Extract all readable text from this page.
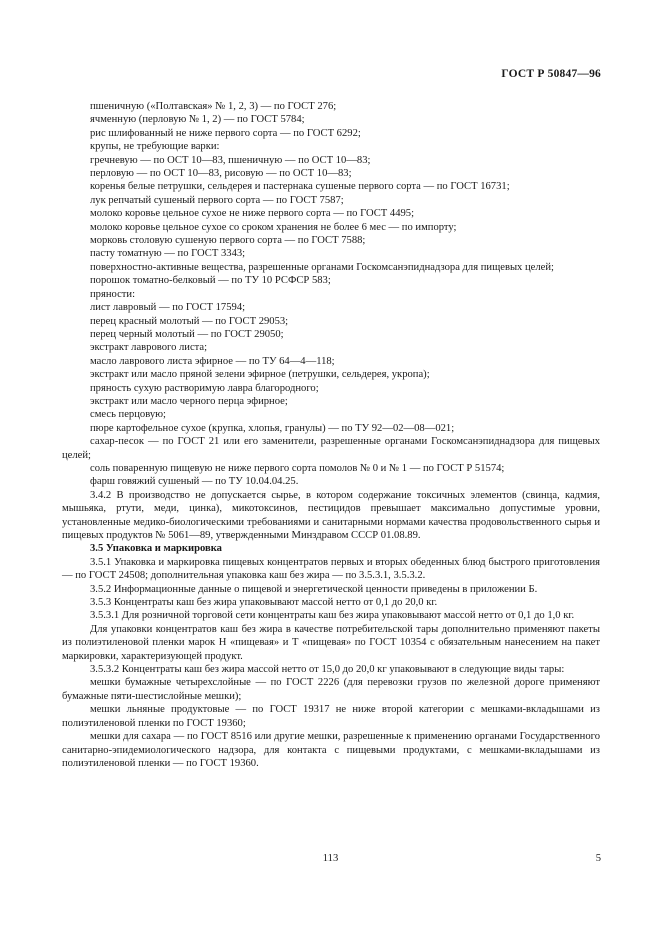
ГОСТ Р 50847—96

пшеничную («Полтавская» № 1, 2, 3) — по ГОСТ 276;

ячменную (перловую № 1, 2) — по ГОСТ 5784;

рис шлифованный не ниже первого сорта — по ГОСТ 6292;

крупы, не требующие варки:

гречневую — по ОСТ 10—83, пшеничную — по ОСТ 10—83;

перловую — по ОСТ 10—83, рисовую — по ОСТ 10—83;

коренья белые петрушки, сельдерея и пастернака сушеные первого сорта — по ГОСТ 16731;

лук репчатый сушеный первого сорта — по ГОСТ 7587;

молоко коровье цельное сухое не ниже первого сорта — по ГОСТ 4495;

молоко коровье цельное сухое со сроком хранения не более 6 мес — по импорту;

морковь столовую сушеную первого сорта — по ГОСТ 7588;

пасту томатную — по ГОСТ 3343;

поверхностно-активные вещества, разрешенные органами Госкомсанэпиднадзора для пищевых целей;

порошок томатно-белковый — по ТУ 10 РСФСР 583;

пряности:

лист лавровый — по ГОСТ 17594;

перец красный молотый — по ГОСТ 29053;

перец черный молотый — по ГОСТ 29050;

экстракт лаврового листа;

масло лаврового листа эфирное — по ТУ 64—4—118;

экстракт или масло пряной зелени эфирное (петрушки, сельдерея, укропа);

пряность сухую растворимую лавра благородного;

экстракт или масло черного перца эфирное;

смесь перцовую;

пюре картофельное сухое (крупка, хлопья, гранулы) — по ТУ 92—02—08—021;

сахар-песок — по ГОСТ 21 или его заменители, разрешенные органами Госкомсанэпиднадзора для пищевых целей;

соль поваренную пищевую не ниже первого сорта помолов № 0 и № 1 — по ГОСТ Р 51574;

фарш говяжий сушеный — по ТУ 10.04.04.25.

3.4.2 В производство не допускается сырье, в котором содержание токсичных элементов (свинца, кадмия, мышьяка, ртути, меди, цинка), микотоксинов, пестицидов превышает максимально допустимые уровни, установленные медико-биологическими требованиями и санитарными нормами качества продовольственного сырья и пищевых продуктов № 5061—89, утвержденными Минздравом СССР 01.08.89.

3.5 Упаковка и маркировка

3.5.1 Упаковка и маркировка пищевых концентратов первых и вторых обеденных блюд быстрого приготовления — по ГОСТ 24508; дополнительная упаковка каш без жира — по 3.5.3.1, 3.5.3.2.

3.5.2 Информационные данные о пищевой и энергетической ценности приведены в приложении Б.

3.5.3 Концентраты каш без жира упаковывают массой нетто от 0,1 до 20,0 кг.

3.5.3.1 Для розничной торговой сети концентраты каш без жира упаковывают массой нетто от 0,1 до 1,0 кг.

Для упаковки концентратов каш без жира в качестве потребительской тары дополнительно применяют пакеты из полиэтиленовой пленки марок Н «пищевая» и Т «пищевая» по ГОСТ 10354 с обязательным нанесением на пакет маркировки, характеризующей продукт.

3.5.3.2 Концентраты каш без жира массой нетто от 15,0 до 20,0 кг упаковывают в следующие виды тары:

мешки бумажные четырехслойные — по ГОСТ 2226 (для перевозки грузов по железной дороге применяют бумажные пяти-шестислойные мешки);

мешки льняные продуктовые — по ГОСТ 19317 не ниже второй категории с мешками-вкладышами из полиэтиленовой пленки по ГОСТ 19360;

мешки для сахара — по ГОСТ 8516 или другие мешки, разрешенные к применению органами Государственного санитарно-эпидемиологического надзора, для контакта с пищевыми продуктами, с мешками-вкладышами из полиэтиленовой пленки — по ГОСТ 19360.

113	5
